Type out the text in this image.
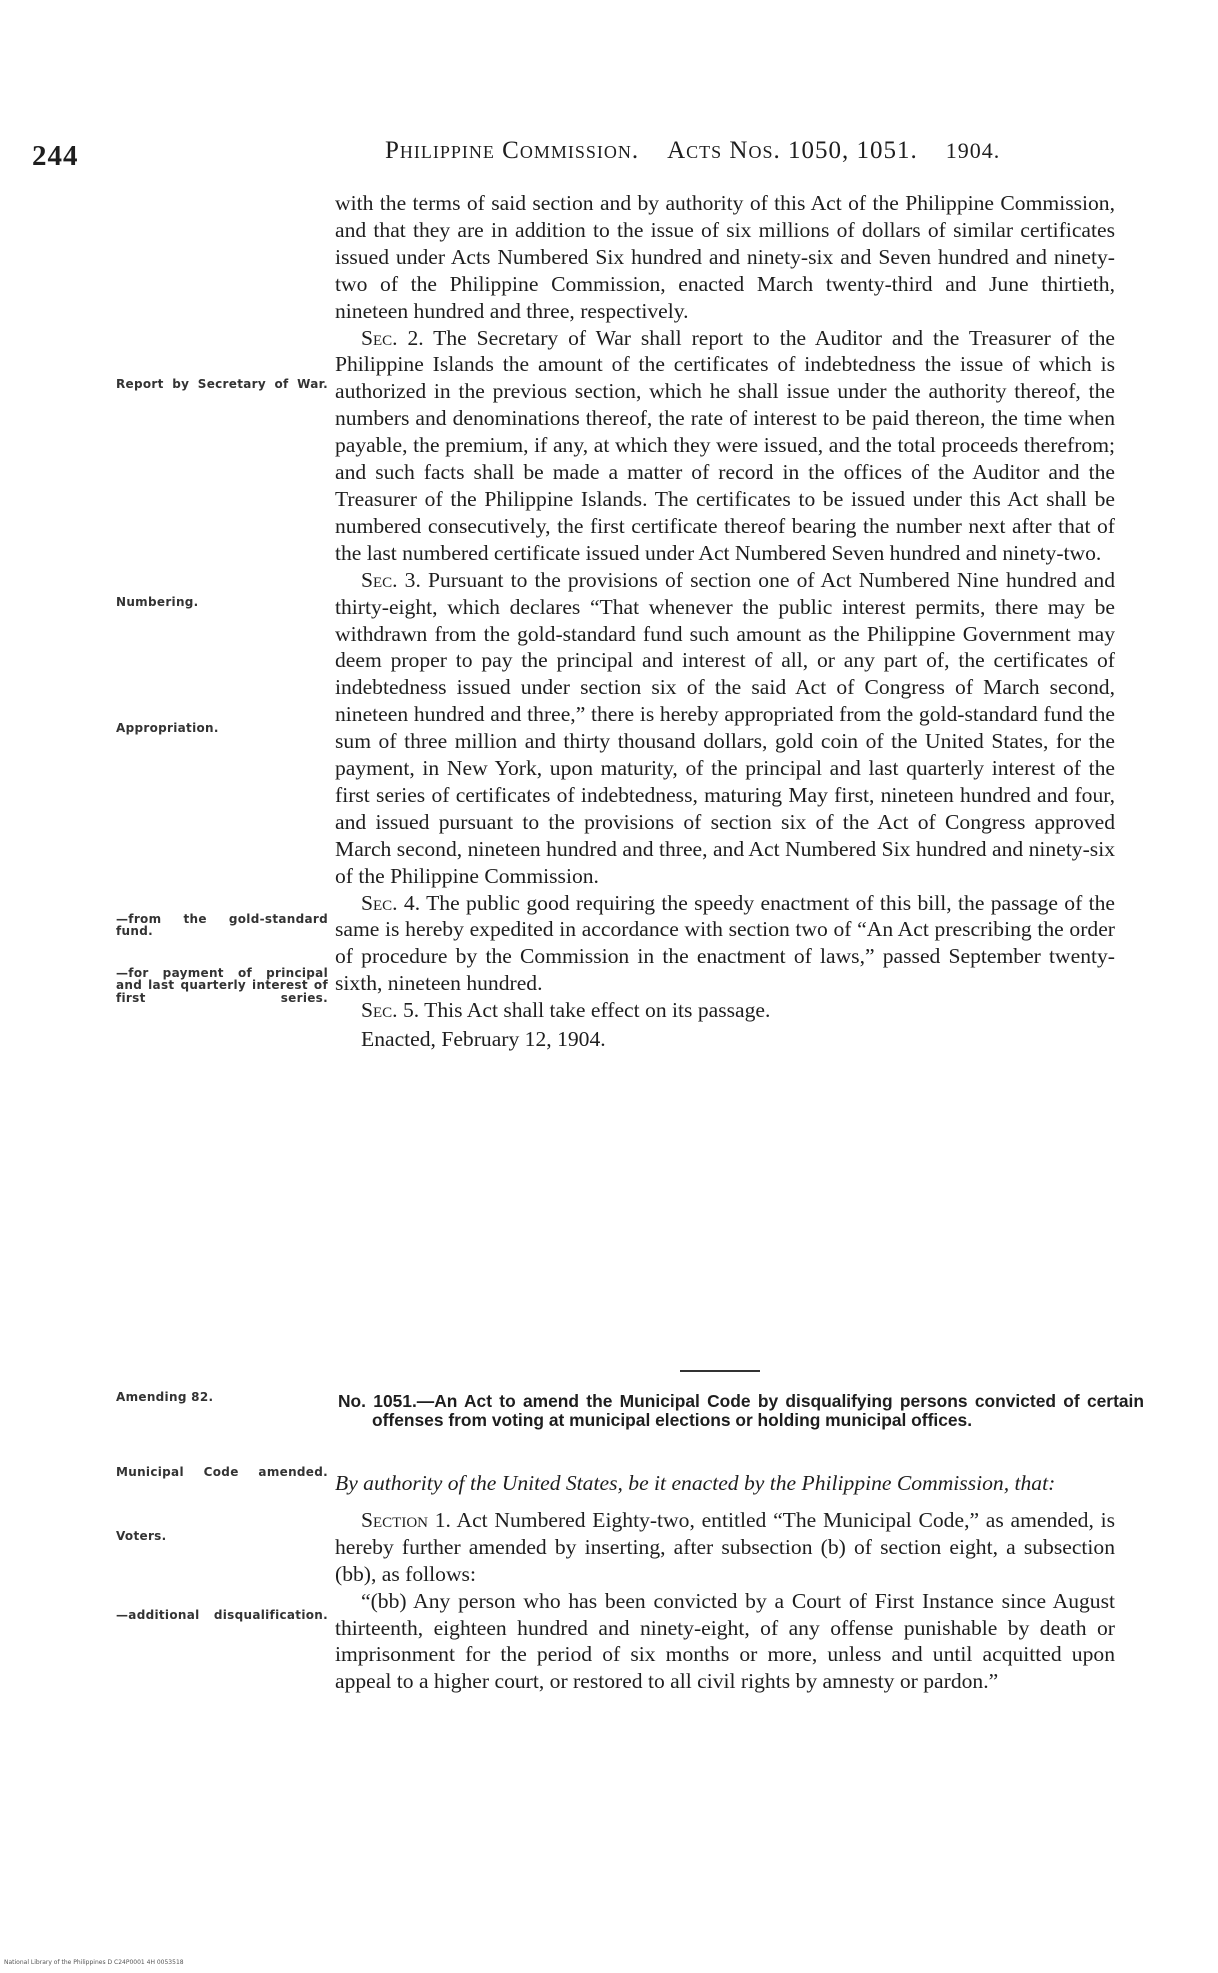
244	Philippine Commission. Acts Nos. 1050, 1051. 1904.

with the terms of said section and by authority of this Act of the Philippine Commission, and that they are in addition to the issue of six millions of dollars of similar certificates issued under Acts Numbered Six hundred and ninety-six and Seven hundred and ninety-two of the Philippine Commission, enacted March twenty-third and June thirtieth, nineteen hundred and three, respectively.

Sec. 2. The Secretary of War shall report to the Auditor and the Treasurer of the Philippine Islands the amount of the certificates of indebtedness the issue of which is authorized in the previous section, which he shall issue under the authority thereof, the numbers and denominations thereof, the rate of interest to be paid thereon, the time when payable, the premium, if any, at which they were issued, and the total proceeds therefrom; and such facts shall be made a matter of record in the offices of the Auditor and the Treasurer of the Philippine Islands. The certificates to be issued under this Act shall be numbered consecutively, the first certificate thereof bearing the number next after that of the last numbered certificate issued under Act Numbered Seven hundred and ninety-two.

Sec. 3. Pursuant to the provisions of section one of Act Numbered Nine hundred and thirty-eight, which declares “That whenever the public interest permits, there may be withdrawn from the gold-standard fund such amount as the Philippine Government may deem proper to pay the principal and interest of all, or any part of, the certificates of indebtedness issued under section six of the said Act of Congress of March second, nineteen hundred and three,” there is hereby appropriated from the gold-standard fund the sum of three million and thirty thousand dollars, gold coin of the United States, for the payment, in New York, upon maturity, of the principal and last quarterly interest of the first series of certificates of indebtedness, maturing May first, nineteen hundred and four, and issued pursuant to the provisions of section six of the Act of Congress approved March second, nineteen hundred and three, and Act Numbered Six hundred and ninety-six of the Philippine Commission.

Sec. 4. The public good requiring the speedy enactment of this bill, the passage of the same is hereby expedited in accordance with section two of “An Act prescribing the order of procedure by the Commission in the enactment of laws,” passed September twenty-sixth, nineteen hundred.

Sec. 5. This Act shall take effect on its passage.

Enacted, February 12, 1904.

No. 1051.—An Act to amend the Municipal Code by disqualifying persons convicted of certain offenses from voting at municipal elections or holding municipal offices.

By authority of the United States, be it enacted by the Philippine Commission, that:

Section 1. Act Numbered Eighty-two, entitled “The Municipal Code,” as amended, is hereby further amended by inserting, after subsection (b) of section eight, a subsection (bb), as follows:

“(bb) Any person who has been convicted by a Court of First Instance since August thirteenth, eighteen hundred and ninety-eight, of any offense punishable by death or imprisonment for the period of six months or more, unless and until acquitted upon appeal to a higher court, or restored to all civil rights by amnesty or pardon.”

Report by Secretary of War.
Numbering.
Appropriation.
—from the gold-standard fund.
—for payment of principal and last quarterly interest of first series.
Amending 82.
Municipal Code amended.
Voters.
—additional disqualification.
National Library of the Philippines D C24P0001 4H 0053518
